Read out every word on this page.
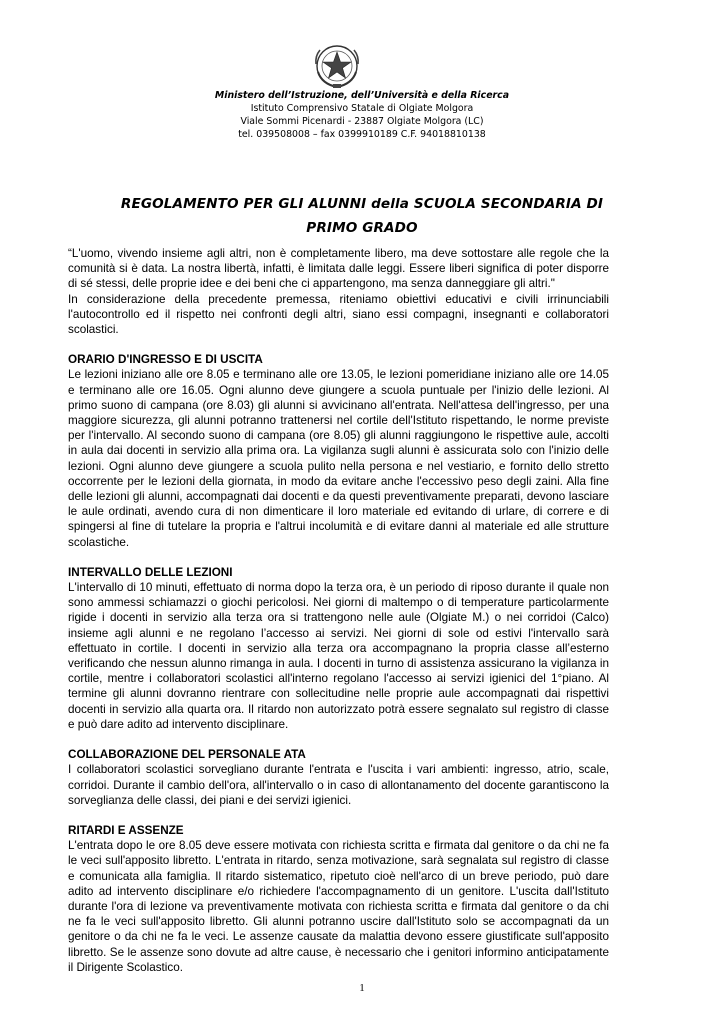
Ministero dell’Istruzione, dell’Università e della Ricerca
Istituto Comprensivo Statale di Olgiate Molgora
Viale Sommi Picenardi - 23887 Olgiate Molgora (LC)
tel. 039508008 – fax 0399910189 C.F. 94018810138
REGOLAMENTO PER GLI ALUNNI della SCUOLA SECONDARIA DI
PRIMO GRADO

“L'uomo, vivendo insieme agli altri, non è completamente libero, ma deve sottostare alle regole che la comunità si è data. La nostra libertà, infatti, è limitata dalle leggi. Essere liberi significa di poter disporre di sé stessi, delle proprie idee e dei beni che ci appartengono, ma senza danneggiare gli altri."

In considerazione della precedente premessa, riteniamo obiettivi educativi e civili irrinunciabili l'autocontrollo ed il rispetto nei confronti degli altri, siano essi compagni, insegnanti e collaboratori scolastici.

ORARIO D'INGRESSO E DI USCITA

Le lezioni iniziano alle ore 8.05 e terminano alle ore 13.05, le lezioni pomeridiane iniziano alle ore 14.05 e terminano alle ore 16.05. Ogni alunno deve giungere a scuola puntuale per l'inizio delle lezioni. Al primo suono di campana (ore 8.03) gli alunni si avvicinano all'entrata. Nell'attesa dell'ingresso, per una maggiore sicurezza, gli alunni potranno trattenersi nel cortile dell'Istituto rispettando, le norme previste per l'intervallo. Al secondo suono di campana (ore 8.05) gli alunni raggiungono le rispettive aule, accolti in aula dai docenti in servizio alla prima ora. La vigilanza sugli alunni è assicurata solo con l'inizio delle lezioni. Ogni alunno deve giungere a scuola pulito nella persona e nel vestiario, e fornito dello stretto occorrente per le lezioni della giornata, in modo da evitare anche l'eccessivo peso degli zaini. Alla fine delle lezioni gli alunni, accompagnati dai docenti e da questi preventivamente preparati, devono lasciare le aule ordinati, avendo cura di non dimenticare il loro materiale ed evitando di urlare, di correre e di spingersi al fine di tutelare la propria e l'altrui incolumità e di evitare danni al materiale ed alle strutture scolastiche.

INTERVALLO DELLE LEZIONI

L'intervallo di 10 minuti, effettuato di norma dopo la terza ora, è un periodo di riposo durante il quale non sono ammessi schiamazzi o giochi pericolosi. Nei giorni di maltempo o di temperature particolarmente rigide i docenti in servizio alla terza ora si trattengono nelle aule (Olgiate M.) o nei corridoi (Calco) insieme agli alunni e ne regolano l’accesso ai servizi. Nei giorni di sole od estivi l'intervallo sarà effettuato in cortile. I docenti in servizio alla terza ora accompagnano la propria classe all’esterno verificando che nessun alunno rimanga in aula. I docenti in turno di assistenza assicurano la vigilanza in cortile, mentre i collaboratori scolastici all'interno regolano l'accesso ai servizi igienici del 1°piano. Al termine gli alunni dovranno rientrare con sollecitudine nelle proprie aule accompagnati dai rispettivi docenti in servizio alla quarta ora. Il ritardo non autorizzato potrà essere segnalato sul registro di classe e può dare adito ad intervento disciplinare.

COLLABORAZIONE DEL PERSONALE ATA

I collaboratori scolastici sorvegliano durante l'entrata e l'uscita i vari ambienti: ingresso, atrio, scale, corridoi. Durante il cambio dell'ora, all'intervallo o in caso di allontanamento del docente garantiscono la sorveglianza delle classi, dei piani e dei servizi igienici.

RITARDI E ASSENZE

L'entrata dopo le ore 8.05 deve essere motivata con richiesta scritta e firmata dal genitore o da chi ne fa le veci sull'apposito libretto. L'entrata in ritardo, senza motivazione, sarà segnalata sul registro di classe e comunicata alla famiglia. Il ritardo sistematico, ripetuto cioè nell'arco di un breve periodo, può dare adito ad intervento disciplinare e/o richiedere l'accompagnamento di un genitore. L'uscita dall'Istituto durante l'ora di lezione va preventivamente motivata con richiesta scritta e firmata dal genitore o da chi ne fa le veci sull'apposito libretto. Gli alunni potranno uscire dall'Istituto solo se accompagnati da un genitore o da chi ne fa le veci. Le assenze causate da malattia devono essere giustificate sull'apposito libretto. Se le assenze sono dovute ad altre cause, è necessario che i genitori informino anticipatamente il Dirigente Scolastico.

1
